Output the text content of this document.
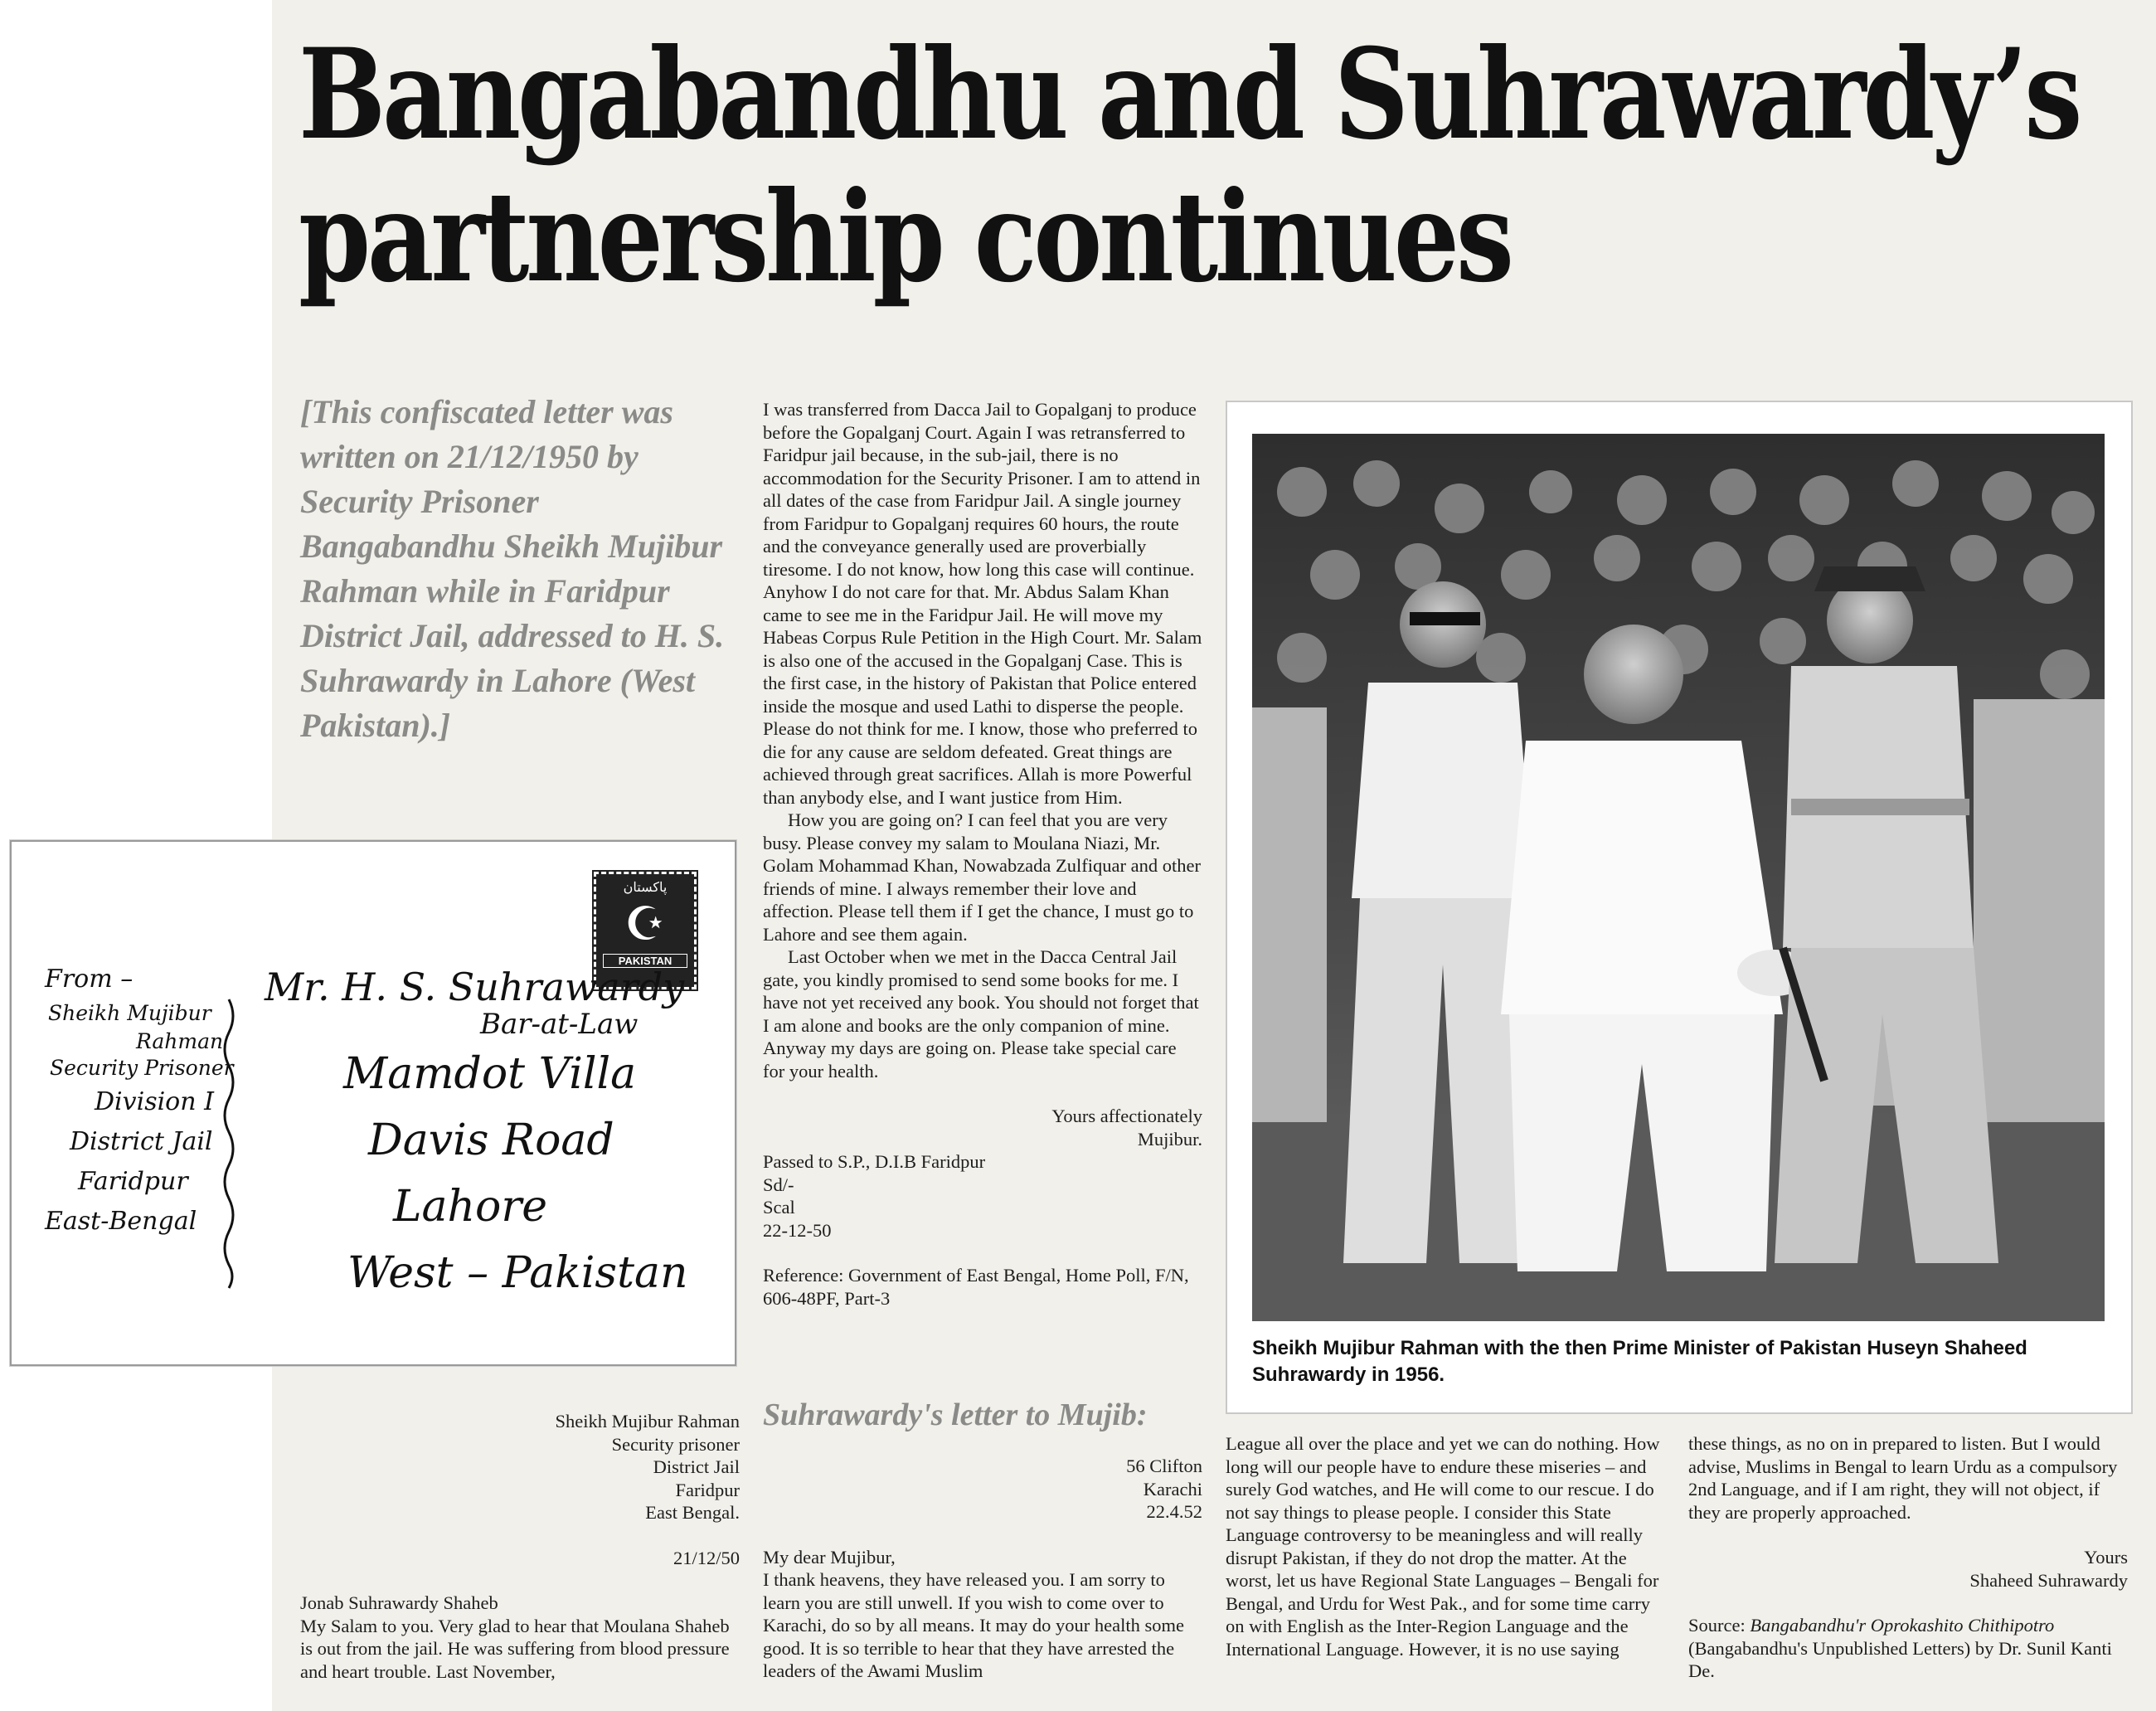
Bangabandhu and Suhrawardy’s
partnership continues
[This confiscated letter was written on 21/12/1950 by Security Prisoner Bangabandhu Sheikh Mujibur Rahman while in Faridpur District Jail, addressed to H. S. Suhrawardy in Lahore (West Pakistan).]
پاکستان
☪
PAKISTAN
From –
Sheikh Mujibur
Rahman
Security Prisoner
Division I
District Jail
Faridpur
East-Bengal
Mr. H. S. Suhrawardy
Bar-at-Law
Mamdot Villa
Davis Road
Lahore
West – Pakistan

Sheikh Mujibur Rahman

Security prisoner

District Jail

Faridpur

East Bengal.

21/12/50

Jonab Suhrawardy Shaheb

My Salam to you. Very glad to hear that Moulana Shaheb is out from the jail. He was suffering from blood pressure and heart trouble. Last November,

I was transferred from Dacca Jail to Gopalganj to produce before the Gopalganj Court. Again I was retransferred to Faridpur jail because, in the sub-jail, there is no accommodation for the Security Prisoner. I am to attend in all dates of the case from Faridpur Jail. A single journey from Faridpur to Gopalganj requires 60 hours, the route and the conveyance generally used are proverbially tiresome. I do not know, how long this case will continue. Anyhow I do not care for that. Mr. Abdus Salam Khan came to see me in the Faridpur Jail. He will move my Habeas Corpus Rule Petition in the High Court. Mr. Salam is also one of the accused in the Gopalganj Case. This is the first case, in the history of Pakistan that Police entered inside the mosque and used Lathi to disperse the people. Please do not think for me. I know, those who preferred to die for any cause are seldom defeated. Great things are achieved through great sacrifices. Allah is more Powerful than anybody else, and I want justice from Him.

How you are going on? I can feel that you are very busy. Please convey my salam to Moulana Niazi, Mr. Golam Mohammad Khan, Nowabzada Zulfiquar and other friends of mine. I always remember their love and affection. Please tell them if I get the chance, I must go to Lahore and see them again.

Last October when we met in the Dacca Central Jail gate, you kindly promised to send some books for me. I have not yet received any book. You should not forget that I am alone and books are the only companion of mine. Anyway my days are going on. Please take special care for your health.

Yours affectionately

Mujibur.

Passed to S.P., D.I.B Faridpur

Sd/-

Scal

22-12-50

Reference: Government of East Bengal, Home Poll, F/N, 606-48PF, Part-3

Sheikh Mujibur Rahman with the then Prime Minister of Pakistan Huseyn Shaheed Suhrawardy in 1956.
Suhrawardy's letter to Mujib:

56 Clifton

Karachi

22.4.52

My dear Mujibur,

I thank heavens, they have released you. I am sorry to learn you are still unwell. If you wish to come over to Karachi, do so by all means. It may do your health some good. It is so terrible to hear that they have arrested the leaders of the Awami Muslim

League all over the place and yet we can do nothing. How long will our people have to endure these miseries – and surely God watches, and He will come to our rescue. I do not say things to please people. I consider this State Language controversy to be meaningless and will really disrupt Pakistan, if they do not drop the matter. At the worst, let us have Regional State Languages – Bengali for Bengal, and Urdu for West Pak., and for some time carry on with English as the Inter-Region Language and the International Language. However, it is no use saying

these things, as no on in prepared to listen. But I would advise, Muslims in Bengal to learn Urdu as a compulsory 2nd Language, and if I am right, they will not object, if they are properly approached.

Yours

Shaheed Suhrawardy

Source: Bangabandhu'r Oprokashito Chithipotro (Bangabandhu's Unpublished Letters) by Dr. Sunil Kanti De.
